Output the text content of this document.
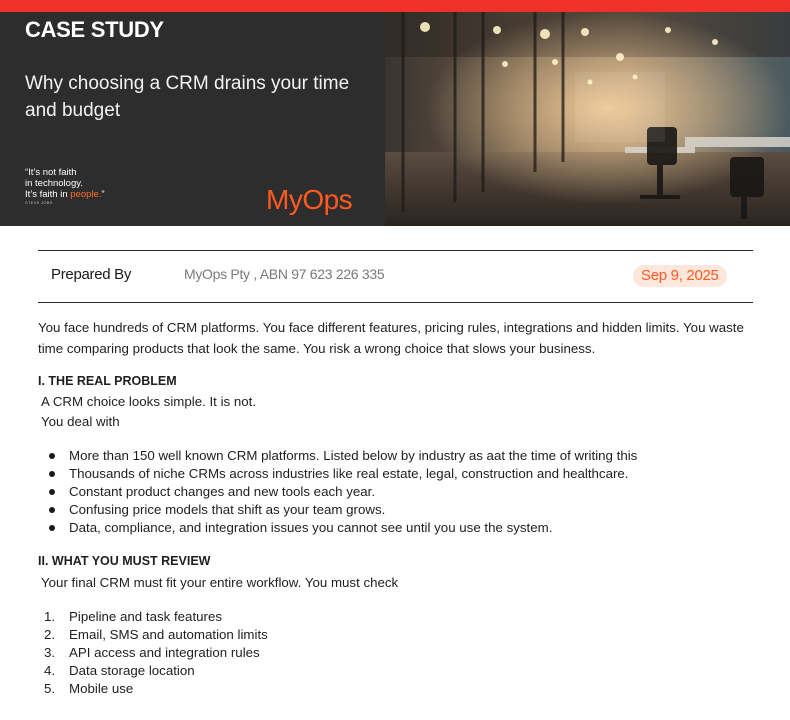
CASE STUDY
Why choosing a CRM drains your time and budget
“It’s not faith
in technology.
It’s faith in people.”
STEVE JOBS	MyOps
Prepared By	MyOps Pty , ABN 97 623 226 335	Sep 9, 2025

You face hundreds of CRM platforms. You face different features, pricing rules, integrations and hidden limits. You waste time comparing products that look the same. You risk a wrong choice that slows your business.

I. THE REAL PROBLEM

A CRM choice looks simple. It is not.

You deal with

More than 150 well known CRM platforms. Listed below by industry as aat the time of writing this
Thousands of niche CRMs across industries like real estate, legal, construction and healthcare.
Constant product changes and new tools each year.
Confusing price models that shift as your team grows.
Data, compliance, and integration issues you cannot see until you use the system.

II. WHAT YOU MUST REVIEW

Your final CRM must fit your entire workflow. You must check

1. Pipeline and task features
2. Email, SMS and automation limits
3. API access and integration rules
4. Data storage location
5. Mobile use
